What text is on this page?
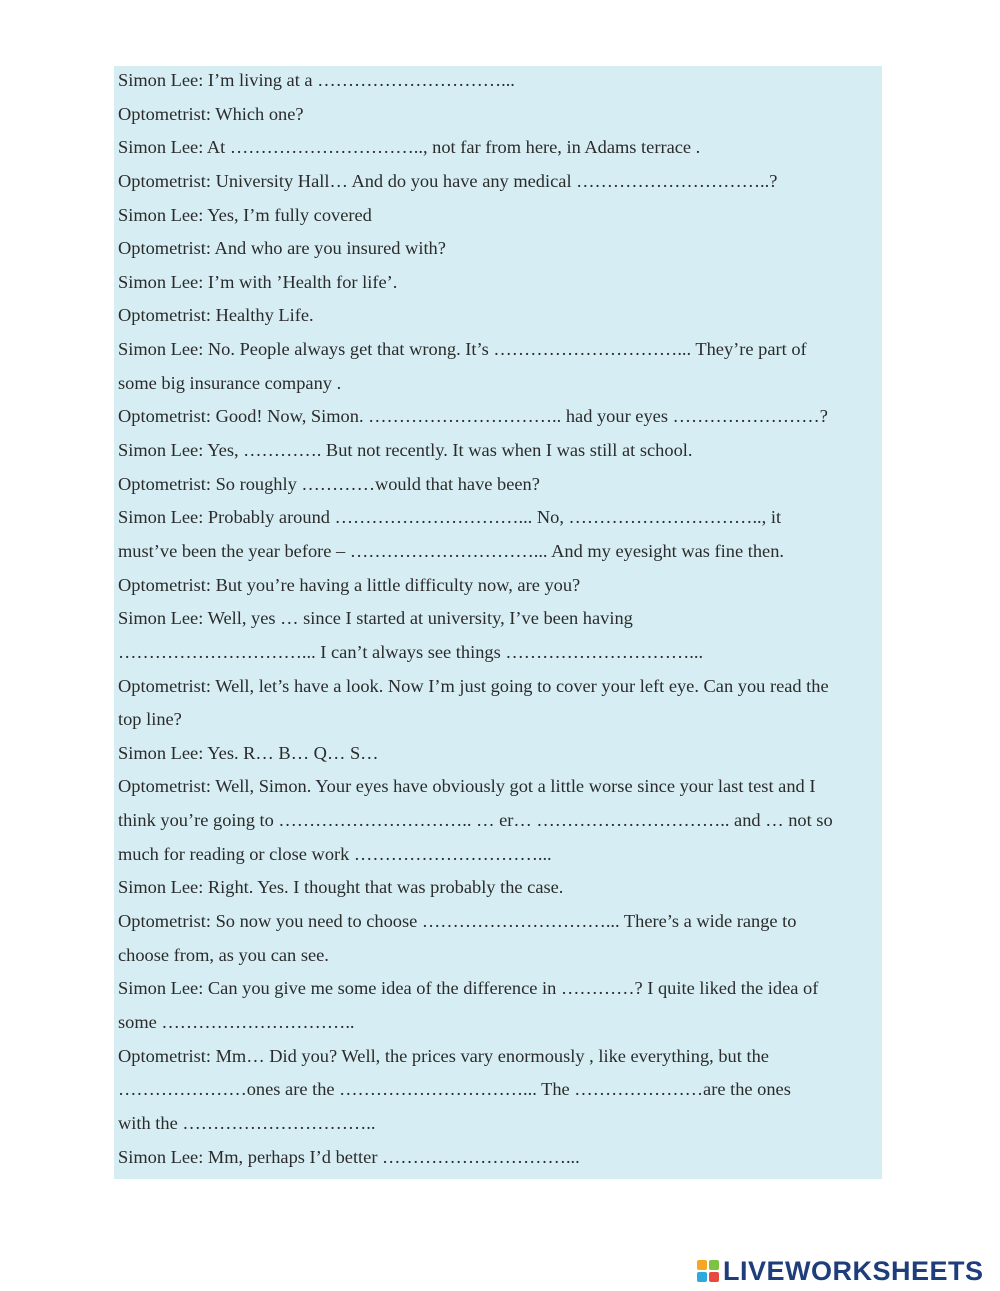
Simon Lee: I’m living at a …………………………...
Optometrist: Which one?
Simon Lee: At ………………………….., not far from here, in Adams terrace .
Optometrist: University Hall… And do you have any medical …………………………..?
Simon Lee: Yes, I’m fully covered
Optometrist: And who are you insured with?
Simon Lee: I’m with ’Health for life’.
Optometrist: Healthy Life.
Simon Lee: No. People always get that wrong. It’s …………………………... They’re part of
some big insurance company .
Optometrist: Good! Now, Simon. ………………………….. had your eyes ……………………?
Simon Lee: Yes, …………. But not recently. It was when I was still at school.
Optometrist: So roughly …………would that have been?
Simon Lee: Probably around …………………………... No, ………………………….., it
must’ve been the year before – …………………………... And my eyesight was fine then.
Optometrist: But you’re having a little difficulty now, are you?
Simon Lee: Well, yes … since I started at university, I’ve been having
…………………………... I can’t always see things …………………………...
Optometrist: Well, let’s have a look. Now I’m just going to cover your left eye. Can you read the
top line?
Simon Lee: Yes. R… B… Q… S…
Optometrist: Well, Simon. Your eyes have obviously got a little worse since your last test and I
think you’re going to ………………………….. … er… ………………………….. and … not so
much for reading or close work …………………………...
Simon Lee: Right. Yes. I thought that was probably the case.
Optometrist: So now you need to choose …………………………... There’s a wide range to
choose from, as you can see.
Simon Lee: Can you give me some idea of the difference in …………? I quite liked the idea of
some …………………………..
Optometrist: Mm… Did you? Well, the prices vary enormously , like everything, but the
…………………ones are the …………………………... The …………………are the ones
with the …………………………..
Simon Lee: Mm, perhaps I’d better …………………………...
LIVEWORKSHEETS
